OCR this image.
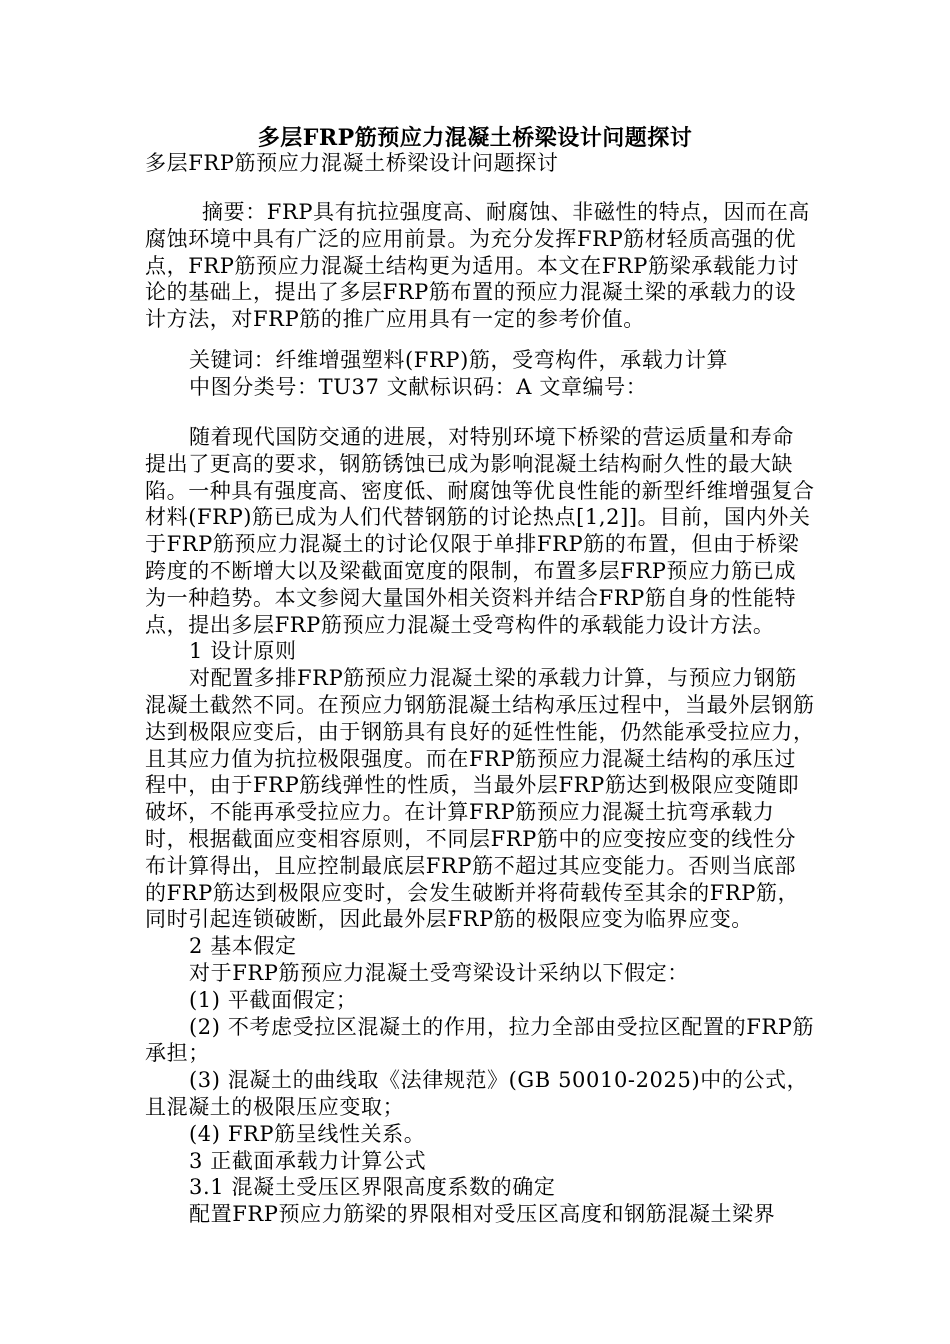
多层FRP筋预应力混凝土桥梁设计问题探讨
多层FRP筋预应力混凝土桥梁设计问题探讨
摘要：FRP具有抗拉强度高、耐腐蚀、非磁性的特点，因而在高腐蚀环境中具有广泛的应用前景。为充分发挥FRP筋材轻质高强的优点，FRP筋预应力混凝土结构更为适用。本文在FRP筋梁承载能力讨论的基础上，提出了多层FRP筋布置的预应力混凝土梁的承载力的设计方法，对FRP筋的推广应用具有一定的参考价值。

关键词：纤维增强塑料(FRP)筋，受弯构件，承载力计算

中图分类号：TU37 文献标识码：A 文章编号：

随着现代国防交通的进展，对特别环境下桥梁的营运质量和寿命提出了更高的要求，钢筋锈蚀已成为影响混凝土结构耐久性的最大缺陷。一种具有强度高、密度低、耐腐蚀等优良性能的新型纤维增强复合材料(FRP)筋已成为人们代替钢筋的讨论热点[1,2]]。目前，国内外关于FRP筋预应力混凝土的讨论仅限于单排FRP筋的布置，但由于桥梁跨度的不断增大以及梁截面宽度的限制，布置多层FRP预应力筋已成为一种趋势。本文参阅大量国外相关资料并结合FRP筋自身的性能特点，提出多层FRP筋预应力混凝土受弯构件的承载能力设计方法。

1 设计原则

对配置多排FRP筋预应力混凝土梁的承载力计算，与预应力钢筋混凝土截然不同。在预应力钢筋混凝土结构承压过程中，当最外层钢筋达到极限应变后，由于钢筋具有良好的延性性能，仍然能承受拉应力，且其应力值为抗拉极限强度。而在FRP筋预应力混凝土结构的承压过程中，由于FRP筋线弹性的性质，当最外层FRP筋达到极限应变随即破坏，不能再承受拉应力。在计算FRP筋预应力混凝土抗弯承载力时，根据截面应变相容原则，不同层FRP筋中的应变按应变的线性分布计算得出，且应控制最底层FRP筋不超过其应变能力。否则当底部的FRP筋达到极限应变时，会发生破断并将荷载传至其余的FRP筋，同时引起连锁破断，因此最外层FRP筋的极限应变为临界应变。

2 基本假定

对于FRP筋预应力混凝土受弯梁设计采纳以下假定：

(1) 平截面假定；

(2) 不考虑受拉区混凝土的作用，拉力全部由受拉区配置的FRP筋承担；

(3) 混凝土的曲线取《法律规范》(GB 50010-2025)中的公式，且混凝土的极限压应变取；

(4) FRP筋呈线性关系。

3 正截面承载力计算公式

3.1 混凝土受压区界限高度系数的确定

配置FRP预应力筋梁的界限相对受压区高度和钢筋混凝土梁界
